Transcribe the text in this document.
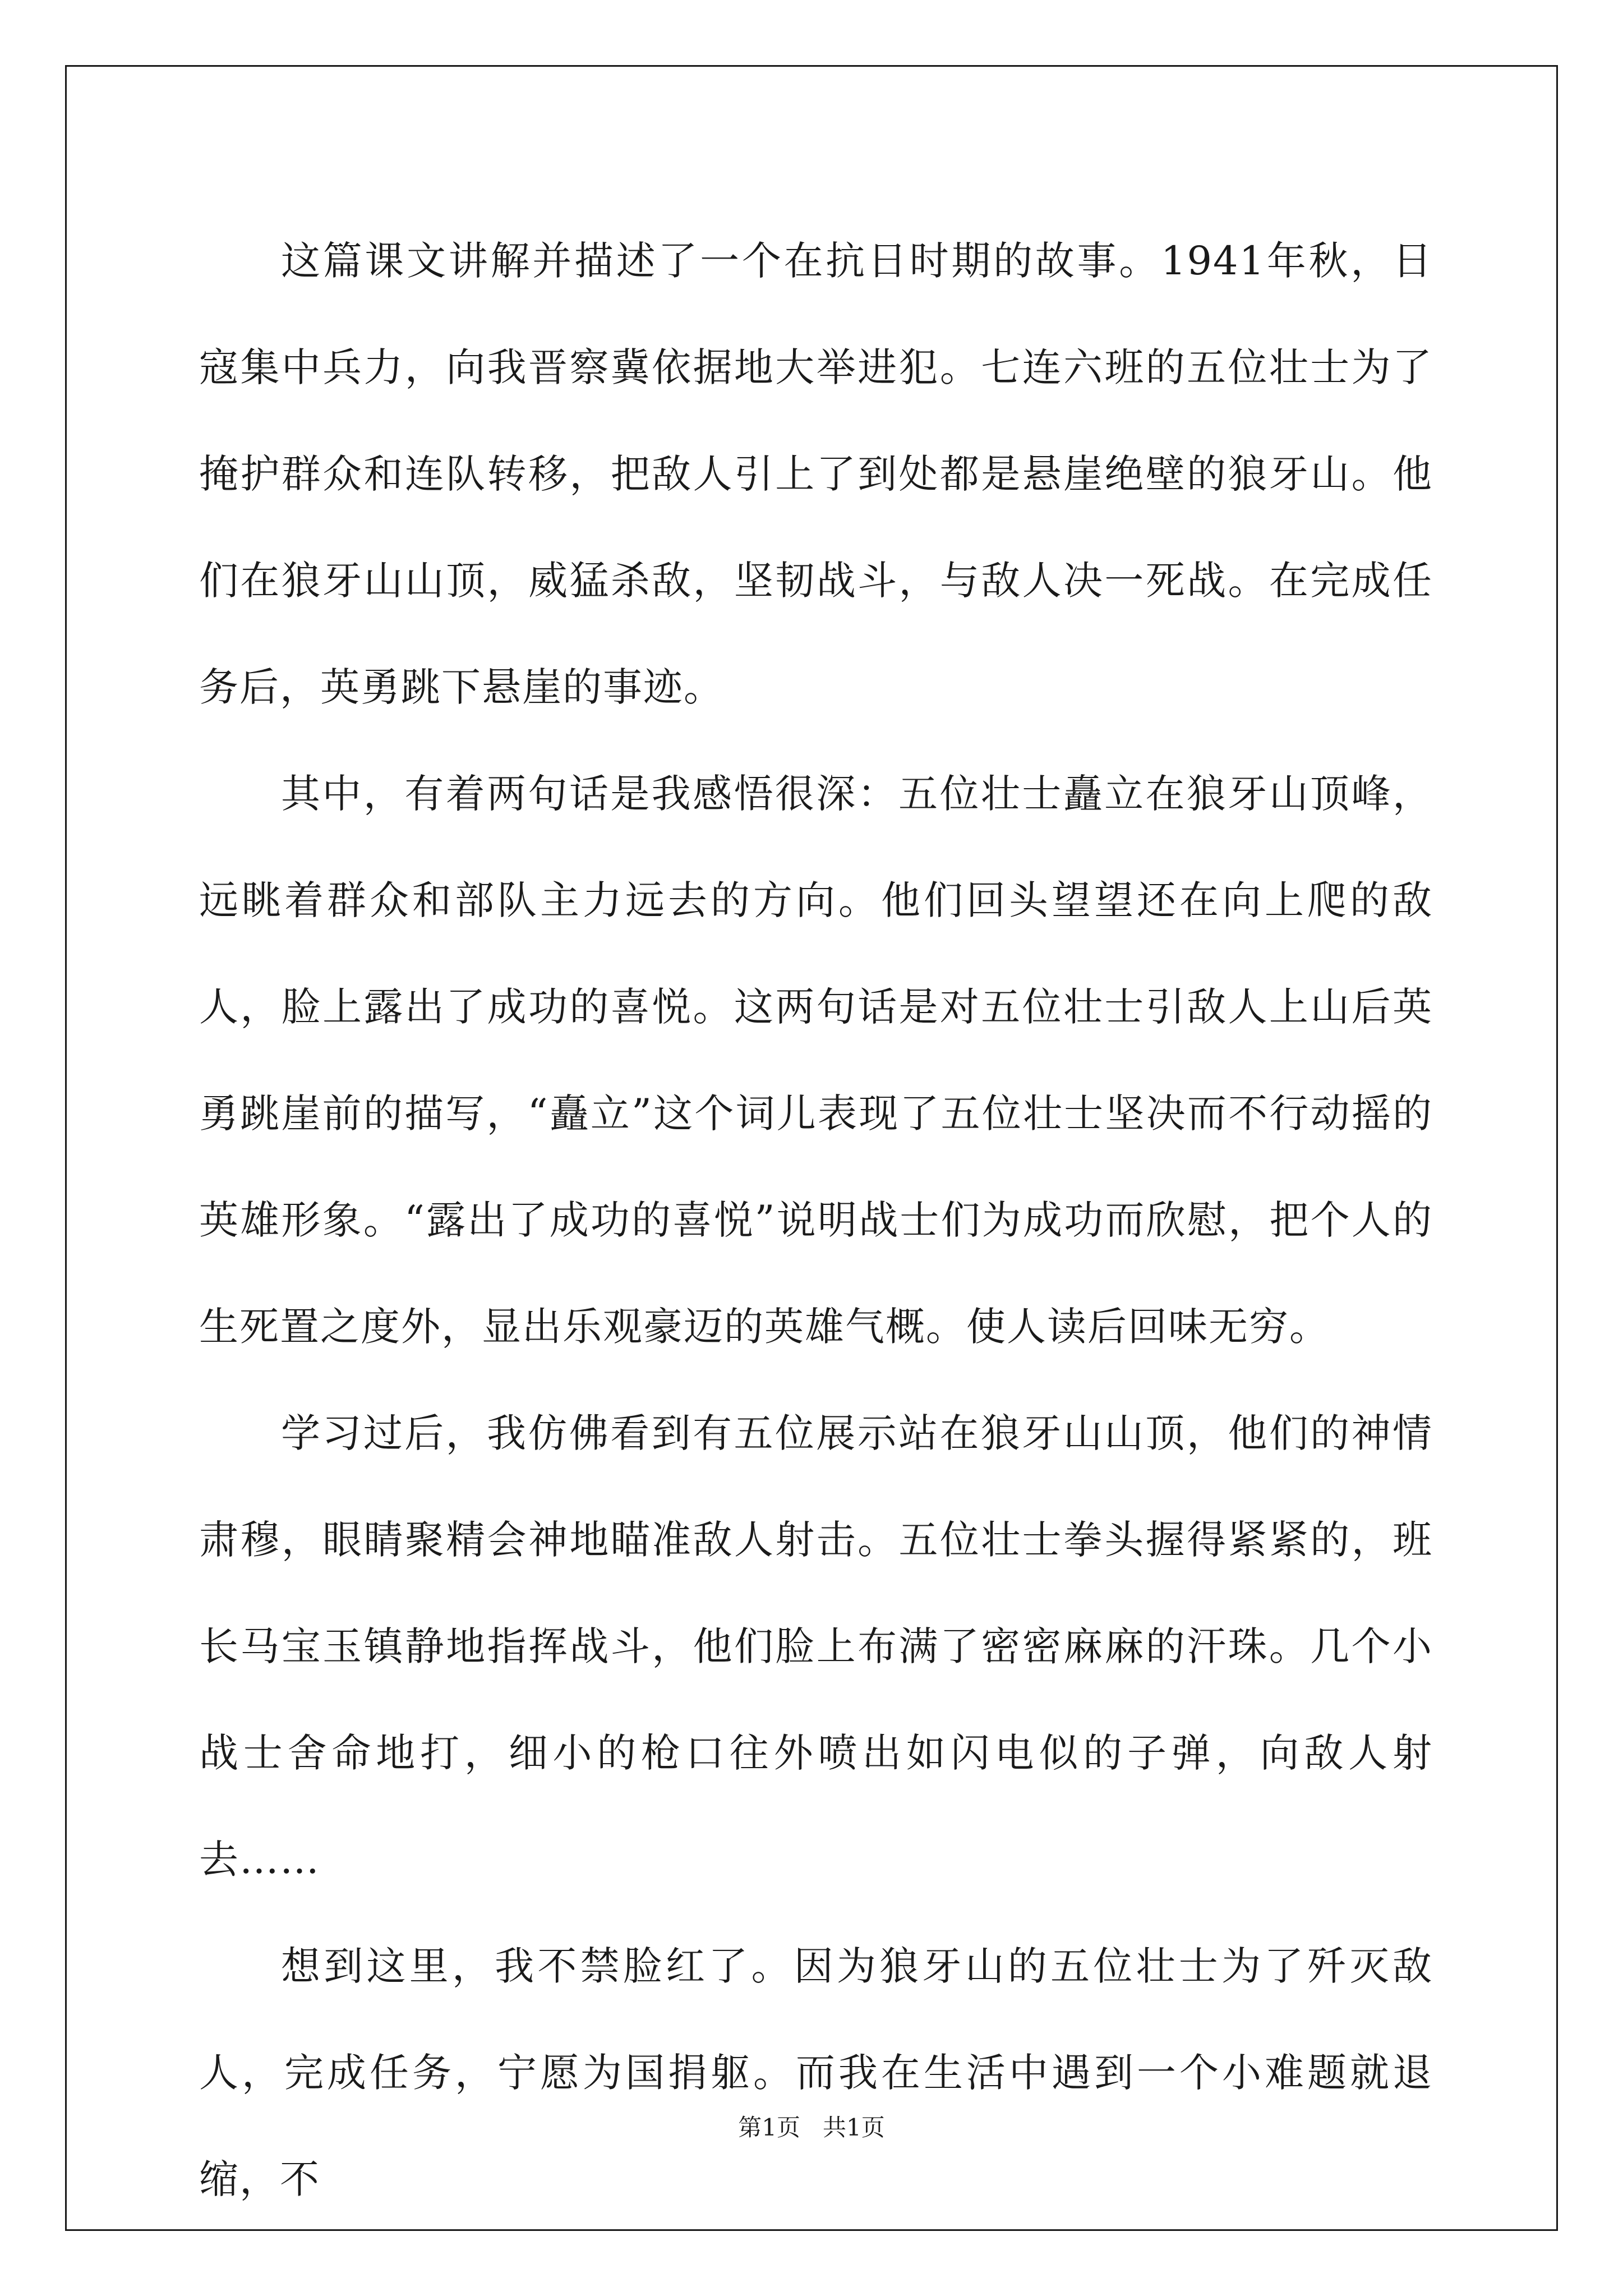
这篇课文讲解并描述了一个在抗日时期的故事。1941年秋，日寇集中兵力，向我晋察冀依据地大举进犯。七连六班的五位壮士为了掩护群众和连队转移，把敌人引上了到处都是悬崖绝壁的狼牙山。他们在狼牙山山顶，威猛杀敌，坚韧战斗，与敌人决一死战。在完成任务后，英勇跳下悬崖的事迹。

其中，有着两句话是我感悟很深：五位壮士矗立在狼牙山顶峰，远眺着群众和部队主力远去的方向。他们回头望望还在向上爬的敌人，脸上露出了成功的喜悦。这两句话是对五位壮士引敌人上山后英勇跳崖前的描写，“矗立”这个词儿表现了五位壮士坚决而不行动摇的英雄形象。“露出了成功的喜悦”说明战士们为成功而欣慰，把个人的生死置之度外，显出乐观豪迈的英雄气概。使人读后回味无穷。

学习过后，我仿佛看到有五位展示站在狼牙山山顶，他们的神情肃穆，眼睛聚精会神地瞄准敌人射击。五位壮士拳头握得紧紧的，班长马宝玉镇静地指挥战斗，他们脸上布满了密密麻麻的汗珠。几个小战士舍命地打，细小的枪口往外喷出如闪电似的子弹，向敌人射去……

想到这里，我不禁脸红了。因为狼牙山的五位壮士为了歼灭敌人，完成任务，宁愿为国捐躯。而我在生活中遇到一个小难题就退缩，不

第1页 共1页
